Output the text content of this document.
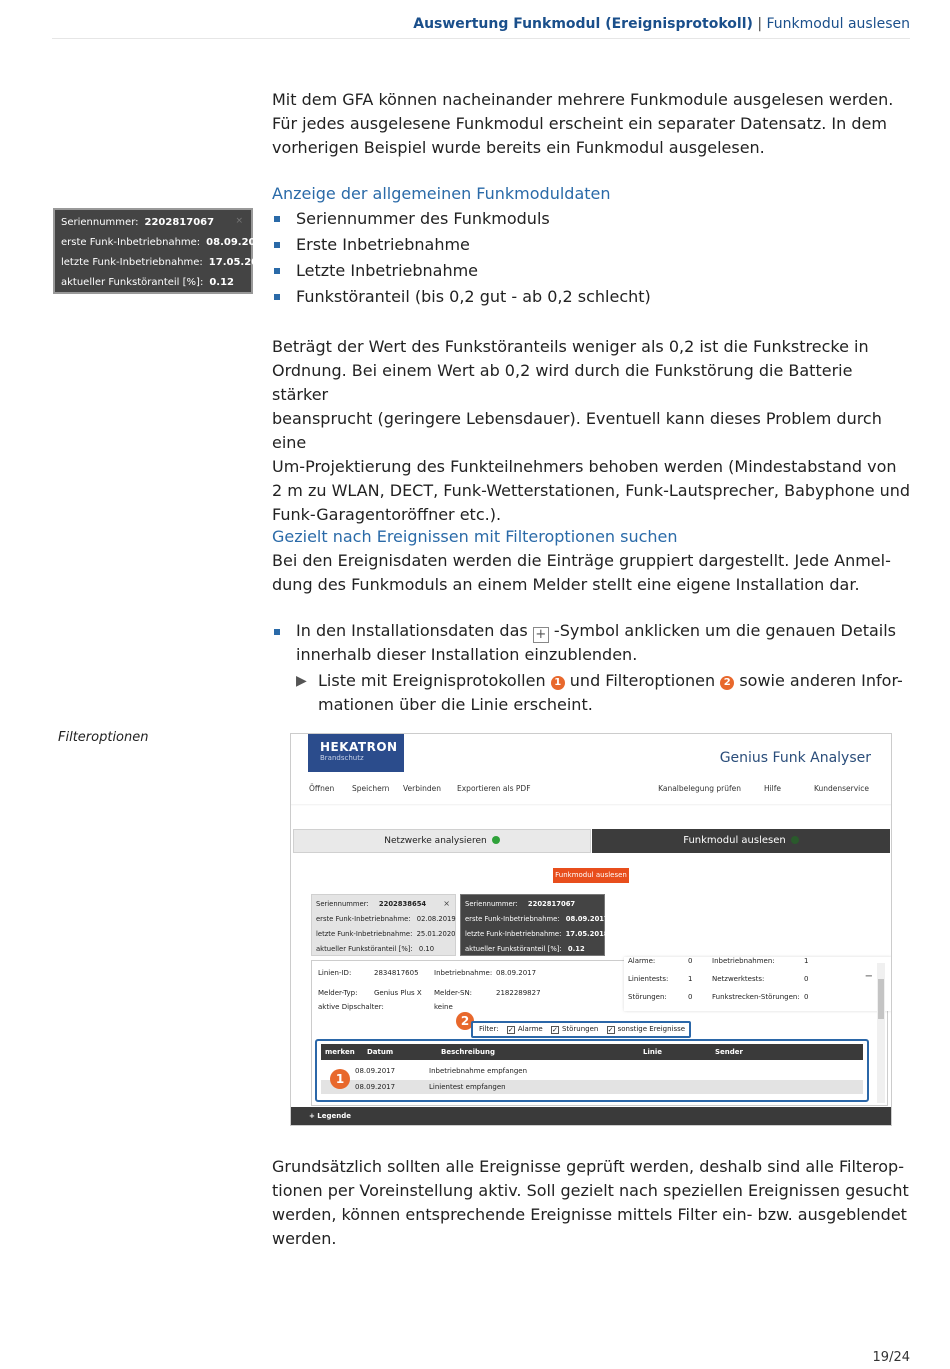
Auswertung Funkmodul (Ereignisprotokoll) | Funkmodul auslesen
Mit dem GFA können nacheinander mehrere Funkmodule ausgelesen werden.
Für jedes ausgelesene Funkmodul erscheint ein separater Datensatz. In dem
vorherigen Beispiel wurde bereits ein Funkmodul ausgelesen.
Anzeige der allgemeinen Funkmoduldaten
Seriennummer des Funkmoduls
Erste Inbetriebnahme
Letzte Inbetriebnahme
Funkstöranteil (bis 0,2 gut - ab 0,2 schlecht)
×
Seriennummer: 2202817067
erste Funk-Inbetriebnahme: 08.09.2017
letzte Funk-Inbetriebnahme: 17.05.2018
aktueller Funkstöranteil [%]: 0.12
Beträgt der Wert des Funkstöranteils weniger als 0,2 ist die Funkstrecke in
Ordnung. Bei einem Wert ab 0,2 wird durch die Funkstörung die Batterie stärker
beansprucht (geringere Lebensdauer). Eventuell kann dieses Problem durch eine
Um-Projektierung des Funkteilnehmers behoben werden (Mindestabstand von
2 m zu WLAN, DECT, Funk-Wetterstationen, Funk-Lautsprecher, Babyphone und
Funk-Garagentoröffner etc.).
Gezielt nach Ereignissen mit Filteroptionen suchen
Bei den Ereignisdaten werden die Einträge gruppiert dargestellt. Jede Anmel-
dung des Funkmoduls an einem Melder stellt eine eigene Installation dar.
In den Installationsdaten das + -Symbol anklicken um die genauen Details
innerhalb dieser Installation einzublenden.
▶ Liste mit Ereignisprotokollen 1 und Filteroptionen 2 sowie anderen Infor-
mationen über die Linie erscheint.
Filteroptionen
HEKATRON
Brandschutz	Genius Funk Analyser
Öffnen Speichern Verbinden Exportieren als PDF	Kanalbelegung prüfen	Hilfe	Kundenservice
Netzwerke analysieren	Funkmodul auslesen
Funkmodul auslesen
×
Seriennummer: 2202838654
erste Funk-Inbetriebnahme: 02.08.2019
letzte Funk-Inbetriebnahme: 25.01.2020
aktueller Funkstöranteil [%]: 0.10
Seriennummer: 2202817067
erste Funk-Inbetriebnahme: 08.09.2017
letzte Funk-Inbetriebnahme: 17.05.2018
aktueller Funkstöranteil [%]: 0.12
Linien-ID:	2834817605 Inbetriebnahme: 08.09.2017
Melder-Typ: Genius Plus X Melder-SN:	2182289827
aktive Dipschalter:	keine
Alarme:	0	Inbetriebnahmen:	1
Linientests:	1	Netzwerktests:	0
Störungen:	0	Funkstrecken-Störungen: 0
−
2
Filter: ✓ Alarme ✓ Störungen ✓ sonstige Ereignisse
merken Datum	Beschreibung	Linie	Sender
08.09.2017	Inbetriebnahme empfangen
08.09.2017	Linientest empfangen
1
+ Legende
Grundsätzlich sollten alle Ereignisse geprüft werden, deshalb sind alle Filterop-
tionen per Voreinstellung aktiv. Soll gezielt nach speziellen Ereignissen gesucht
werden, können entsprechende Ereignisse mittels Filter ein- bzw. ausgeblendet
werden.
19/24
